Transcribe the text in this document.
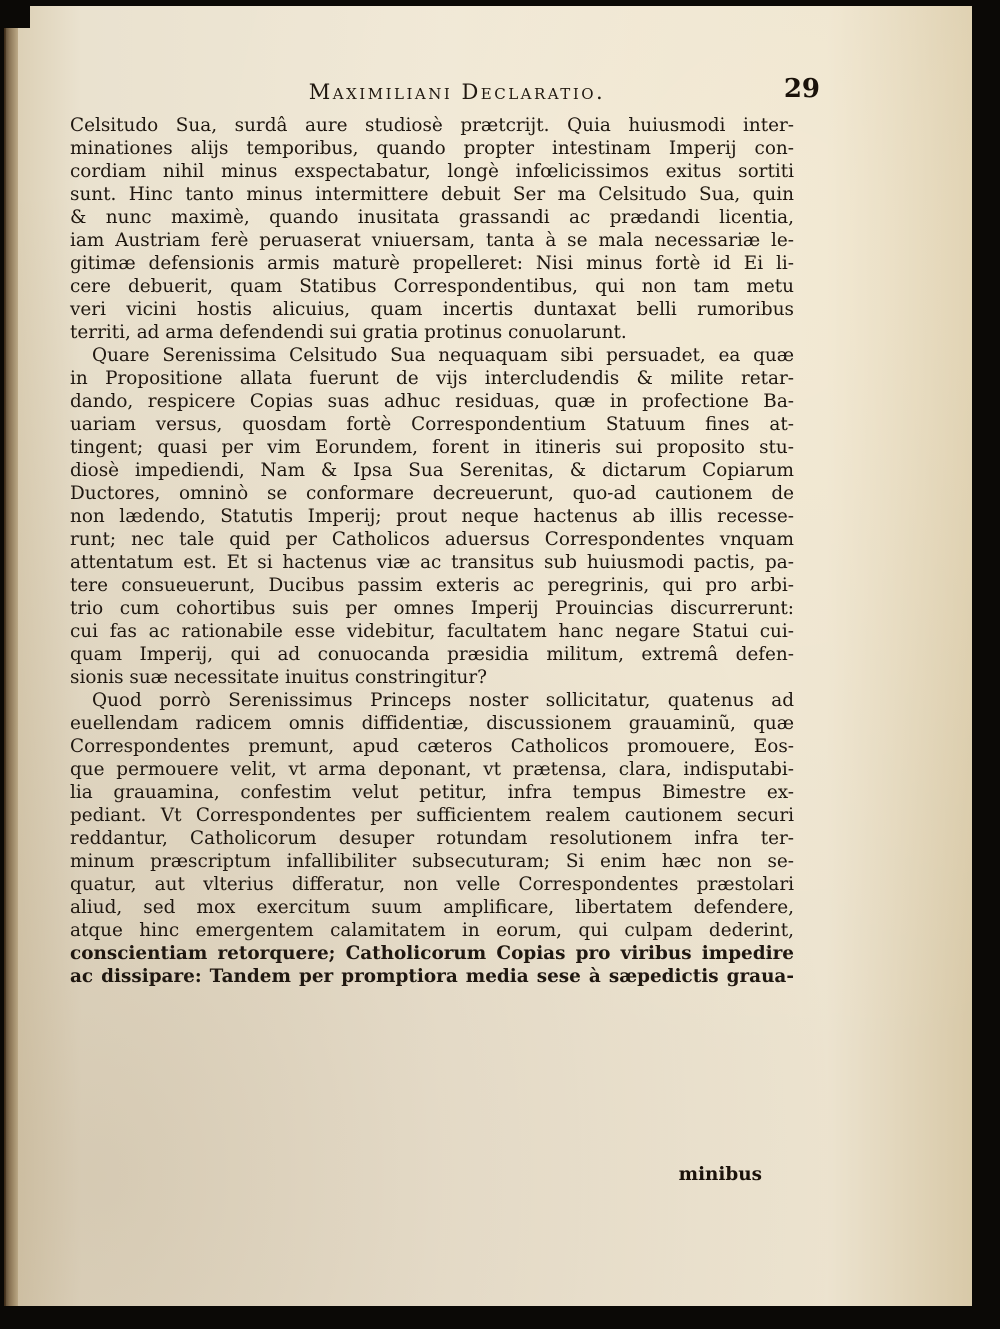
Maximiliani Declaratio.	29
Celsitudo Sua, surdâ aure studiosè prætcrijt. Quia huiusmodi inter-
minationes alijs temporibus, quando propter intestinam Imperij con-
cordiam nihil minus exspectabatur, longè infœlicissimos exitus sortiti
sunt. Hinc tanto minus intermittere debuit Ser ma Celsitudo Sua, quin
& nunc maximè, quando inusitata grassandi ac prædandi licentia,
iam Austriam ferè peruaserat vniuersam, tanta à se mala necessariæ le-
gitimæ defensionis armis maturè propelleret: Nisi minus fortè id Ei li-
cere debuerit, quam Statibus Correspondentibus, qui non tam metu
veri vicini hostis alicuius, quam incertis duntaxat belli rumoribus
territi, ad arma defendendi sui gratia protinus conuolarunt.
Quare Serenissima Celsitudo Sua nequaquam sibi persuadet, ea quæ
in Propositione allata fuerunt de vijs intercludendis & milite retar-
dando, respicere Copias suas adhuc residuas, quæ in profectione Ba-
uariam versus, quosdam fortè Correspondentium Statuum fines at-
tingent; quasi per vim Eorundem, forent in itineris sui proposito stu-
diosè impediendi, Nam & Ipsa Sua Serenitas, & dictarum Copiarum
Ductores, omninò se conformare decreuerunt, quo-ad cautionem de
non lædendo, Statutis Imperij; prout neque hactenus ab illis recesse-
runt; nec tale quid per Catholicos aduersus Correspondentes vnquam
attentatum est. Et si hactenus viæ ac transitus sub huiusmodi pactis, pa-
tere consueuerunt, Ducibus passim exteris ac peregrinis, qui pro arbi-
trio cum cohortibus suis per omnes Imperij Prouincias discurrerunt:
cui fas ac rationabile esse videbitur, facultatem hanc negare Statui cui-
quam Imperij, qui ad conuocanda præsidia militum, extremâ defen-
sionis suæ necessitate inuitus constringitur?
Quod porrò Serenissimus Princeps noster sollicitatur, quatenus ad
euellendam radicem omnis diffidentiæ, discussionem grauaminũ, quæ
Correspondentes premunt, apud cæteros Catholicos promouere, Eos-
que permouere velit, vt arma deponant, vt prætensa, clara, indisputabi-
lia grauamina, confestim velut petitur, infra tempus Bimestre ex-
pediant. Vt Correspondentes per sufficientem realem cautionem securi
reddantur, Catholicorum desuper rotundam resolutionem infra ter-
minum præscriptum infallibiliter subsecuturam; Si enim hæc non se-
quatur, aut vlterius differatur, non velle Correspondentes præstolari
aliud, sed mox exercitum suum amplificare, libertatem defendere,
atque hinc emergentem calamitatem in eorum, qui culpam dederint,
conscientiam retorquere; Catholicorum Copias pro viribus impedire
ac dissipare: Tandem per promptiora media sese à sæpedictis graua-
minibus
